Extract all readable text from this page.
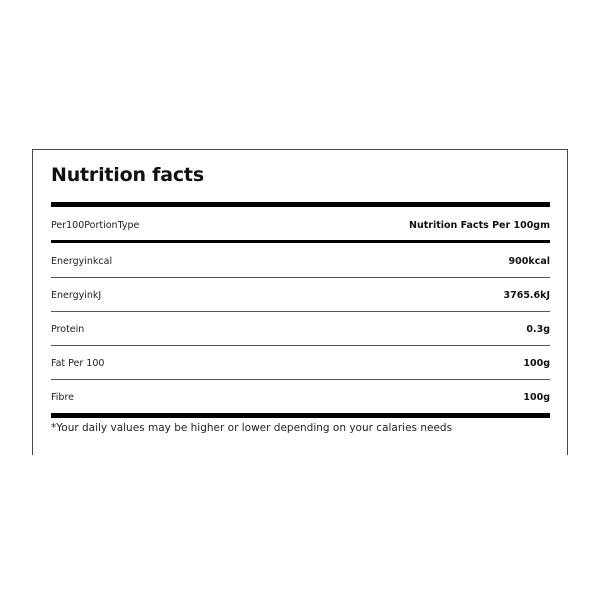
Nutrition facts
Per100PortionType	Nutrition Facts Per 100gm
Energyinkcal	900kcal
EnergyinkJ	3765.6kJ
Protein	0.3g
Fat Per 100	100g
Fibre	100g
*Your daily values may be higher or lower depending on your calaries needs
